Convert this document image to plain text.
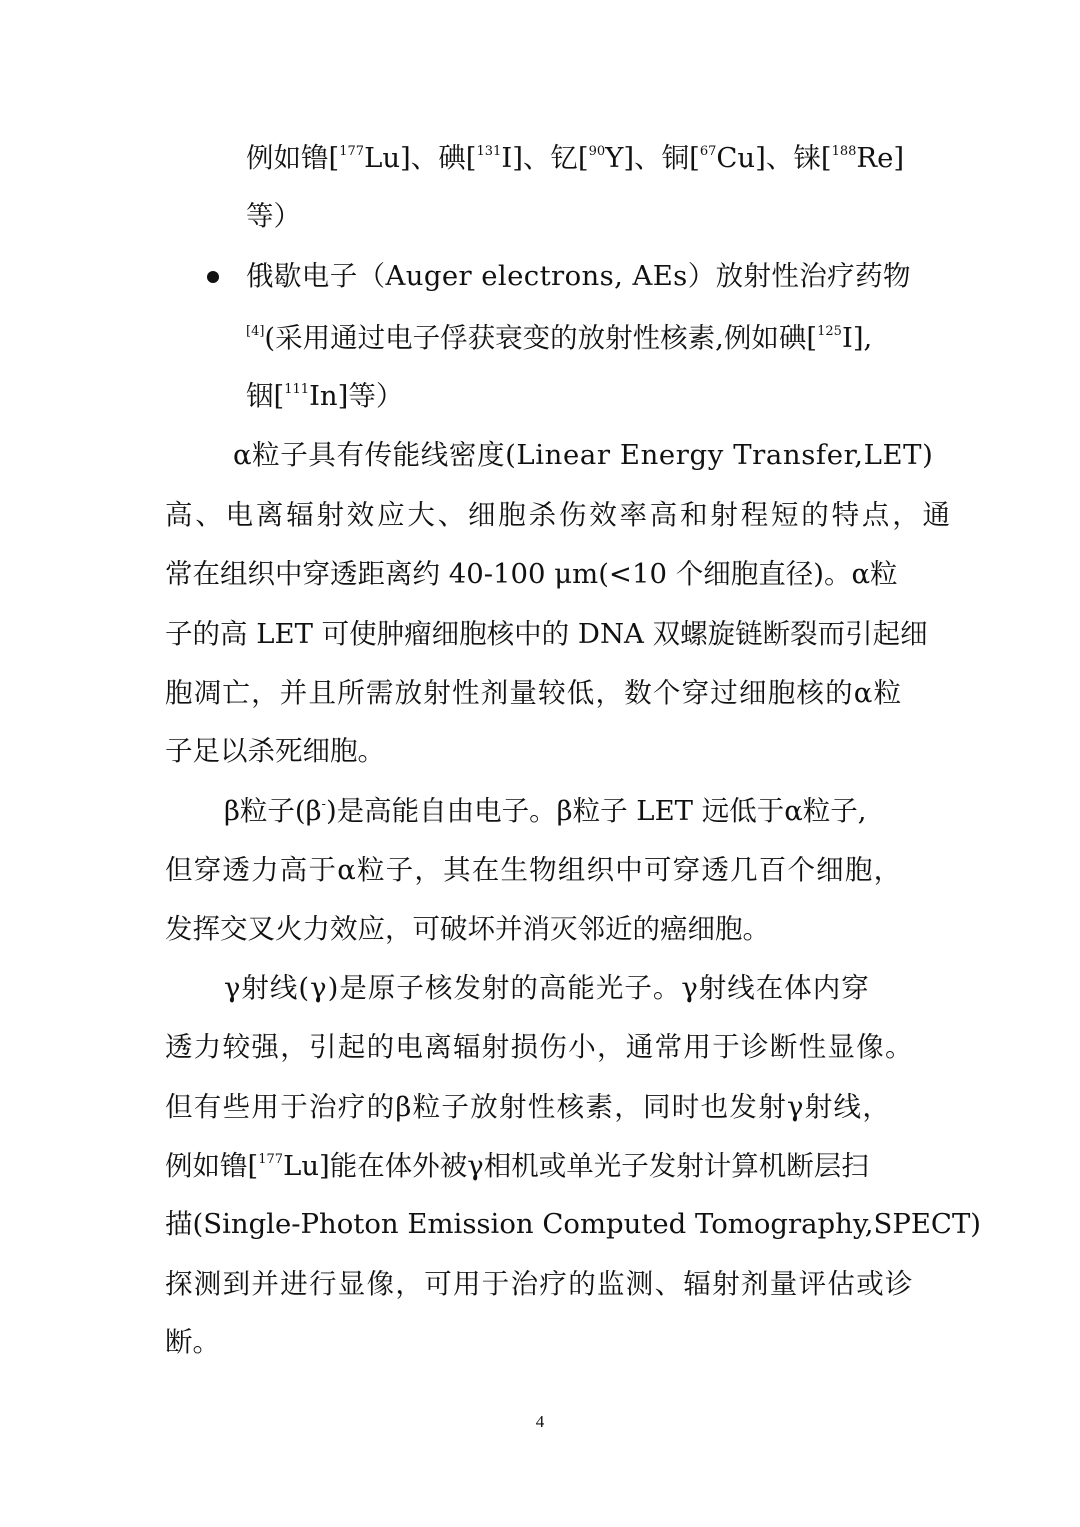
例如镥[$^{177}$Lu]、碘[$^{131}$I]、钇[$^{90}$Y]、铜[$^{67}$Cu]、铼[$^{188}$Re]

等）

俄歇电子（Auger electrons, AEs）放射性治疗药物

[4](采用通过电子俘获衰变的放射性核素,例如碘[$^{125}$I],

铟[$^{111}$In]等）

α粒子具有传能线密度(Linear Energy Transfer,LET)

高、电离辐射效应大、细胞杀伤效率高和射程短的特点，通

常在组织中穿透距离约 40-100 μm(<10 个细胞直径)。α粒

子的高 LET 可使肿瘤细胞核中的 DNA 双螺旋链断裂而引起细

胞凋亡，并且所需放射性剂量较低，数个穿过细胞核的α粒

子足以杀死细胞。

β粒子(β-)是高能自由电子。β粒子 LET 远低于α粒子,

但穿透力高于α粒子，其在生物组织中可穿透几百个细胞，

发挥交叉火力效应，可破坏并消灭邻近的癌细胞。

γ射线(γ)是原子核发射的高能光子。γ射线在体内穿

透力较强，引起的电离辐射损伤小，通常用于诊断性显像。

但有些用于治疗的β粒子放射性核素，同时也发射γ射线，

例如镥[$^{177}$Lu]能在体外被γ相机或单光子发射计算机断层扫

描(Single-Photon Emission Computed Tomography,SPECT)

探测到并进行显像，可用于治疗的监测、辐射剂量评估或诊

断。

4
